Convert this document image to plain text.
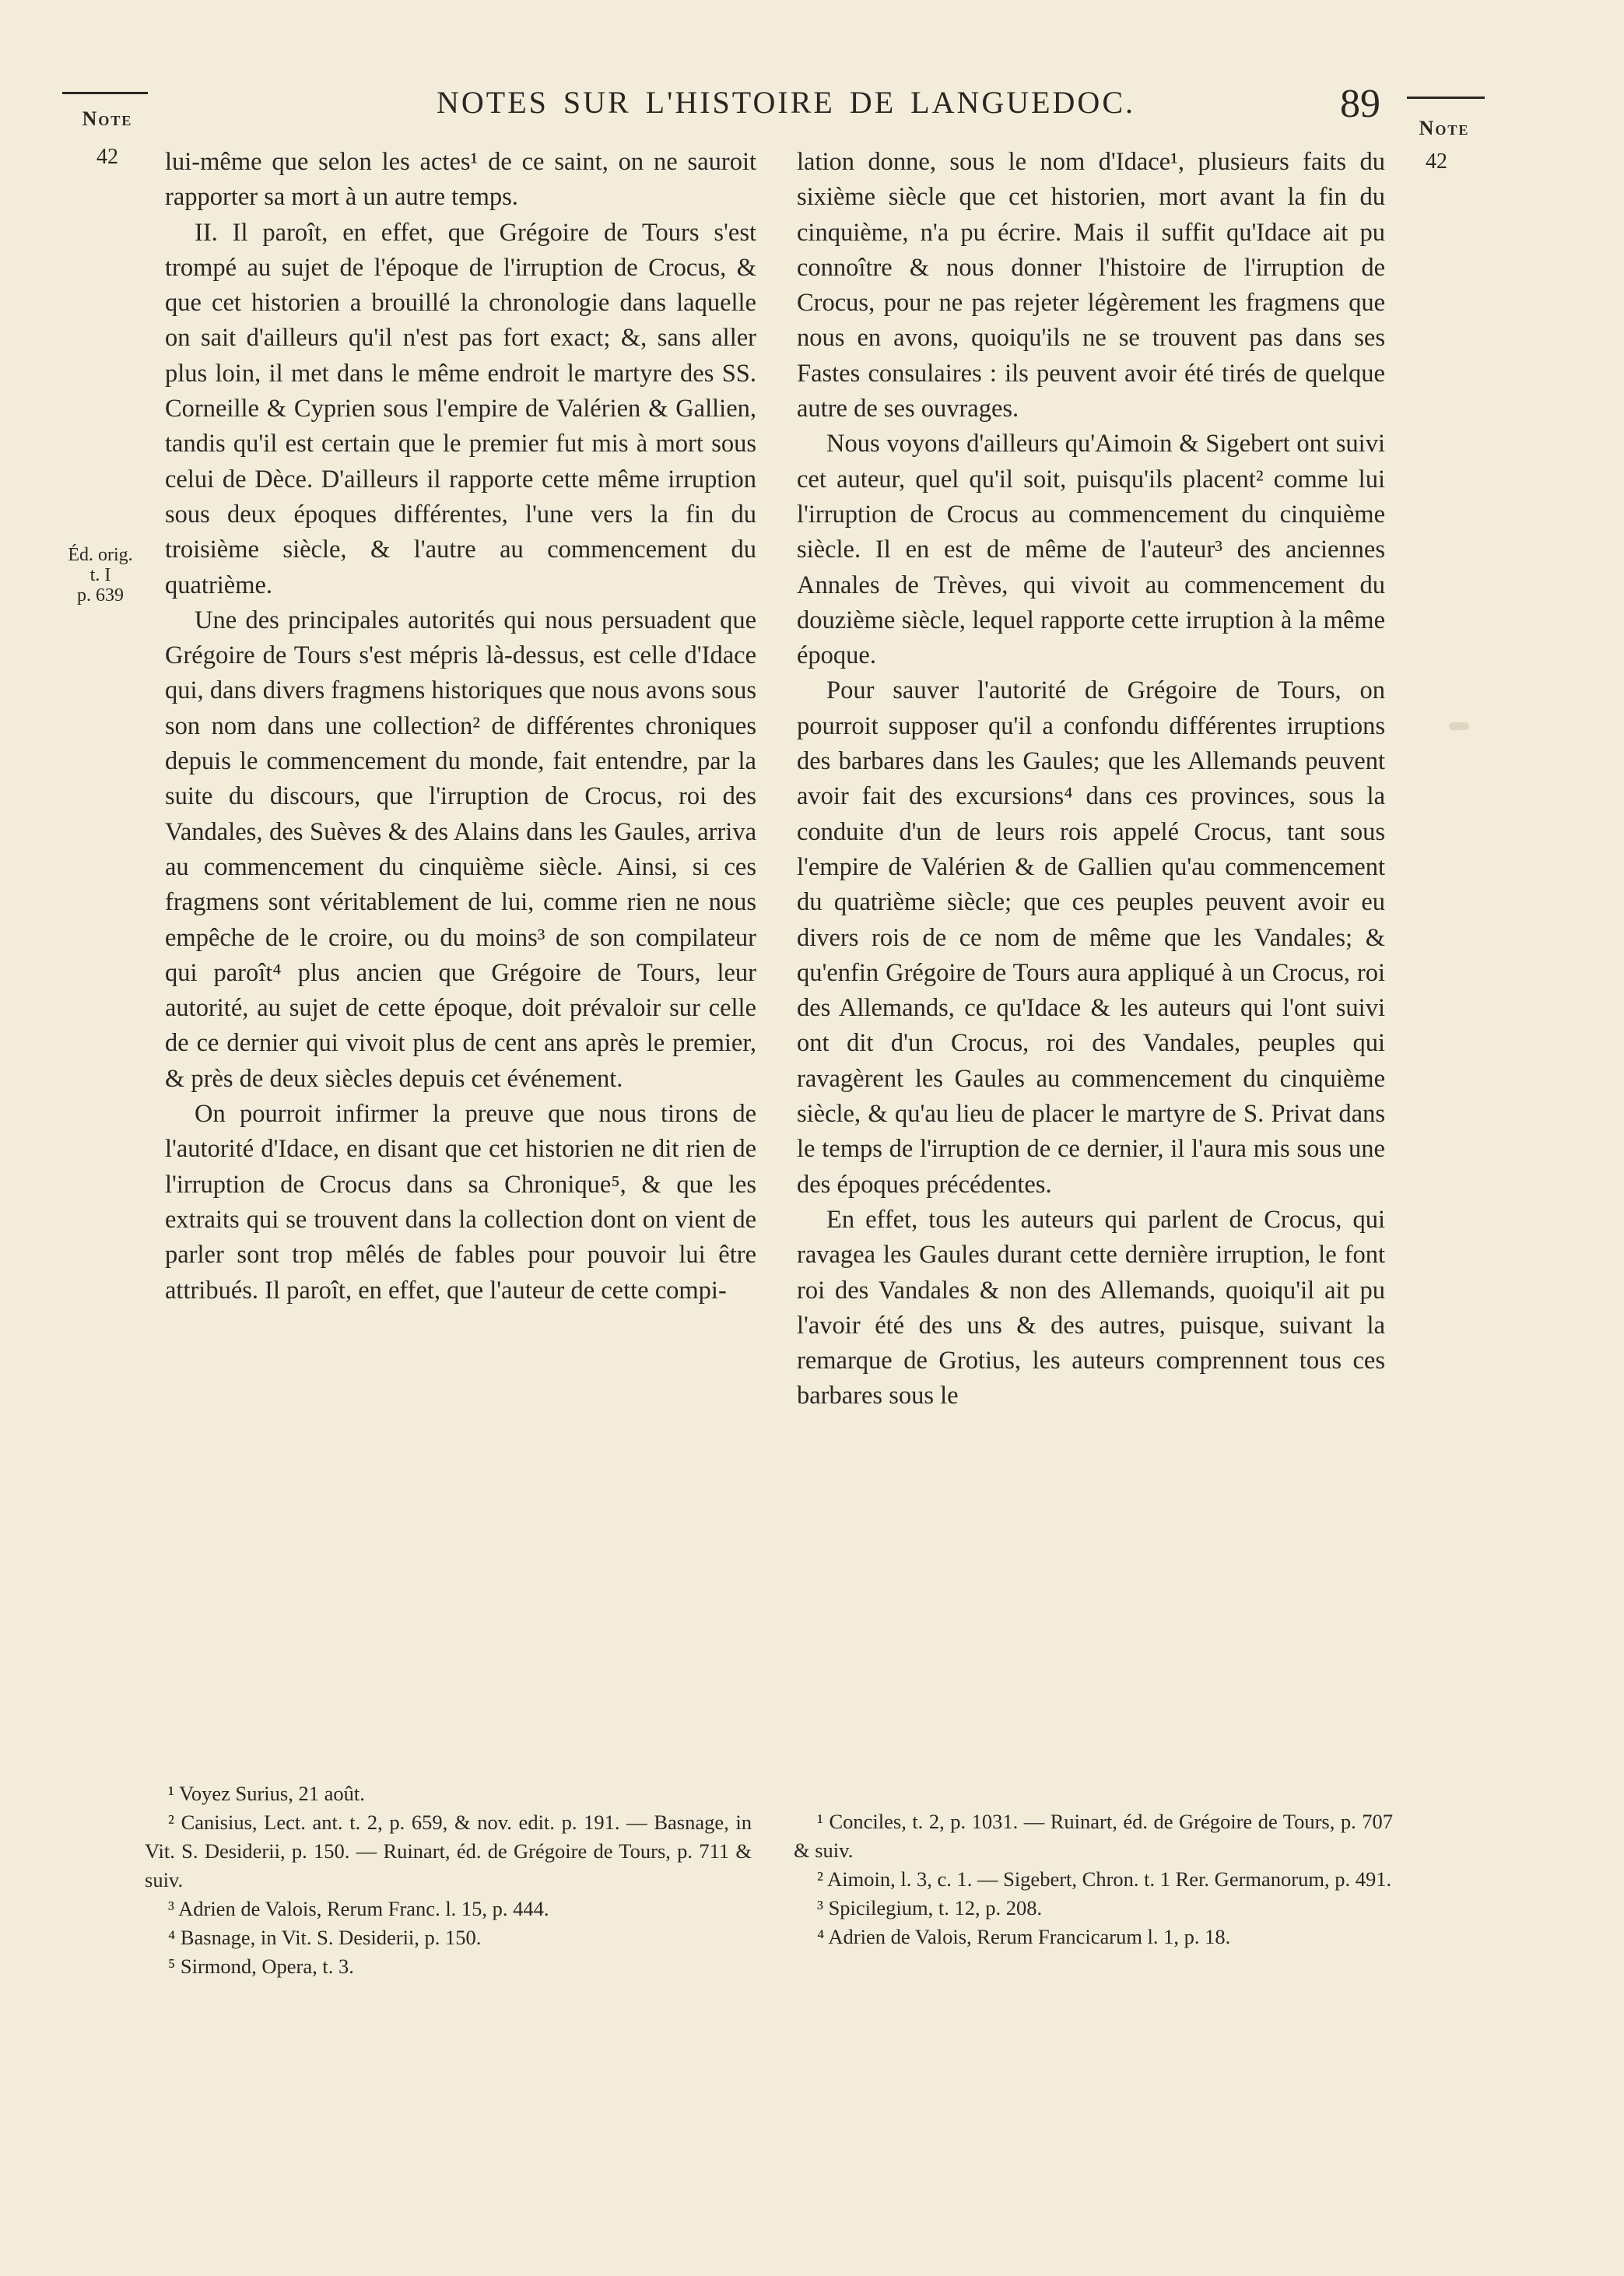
Note
42
NOTES SUR L'HISTOIRE DE LANGUEDOC.	89
Note
42
Éd. orig.
t. I
p. 639

lui-même que selon les actes¹ de ce saint, on ne sauroit rapporter sa mort à un autre temps.

II. Il paroît, en effet, que Grégoire de Tours s'est trompé au sujet de l'époque de l'irruption de Crocus, & que cet historien a brouillé la chronologie dans laquelle on sait d'ailleurs qu'il n'est pas fort exact; &, sans aller plus loin, il met dans le même endroit le martyre des SS. Corneille & Cyprien sous l'empire de Valérien & Gallien, tandis qu'il est certain que le premier fut mis à mort sous celui de Dèce. D'ailleurs il rapporte cette même irruption sous deux époques différentes, l'une vers la fin du troisième siècle, & l'autre au commencement du quatrième.

Une des principales autorités qui nous persuadent que Grégoire de Tours s'est mépris là-dessus, est celle d'Idace qui, dans divers fragmens historiques que nous avons sous son nom dans une collection² de différentes chroniques depuis le commencement du monde, fait entendre, par la suite du discours, que l'irruption de Crocus, roi des Vandales, des Suèves & des Alains dans les Gaules, arriva au commencement du cinquième siècle. Ainsi, si ces fragmens sont véritablement de lui, comme rien ne nous empêche de le croire, ou du moins³ de son compilateur qui paroît⁴ plus ancien que Grégoire de Tours, leur autorité, au sujet de cette époque, doit prévaloir sur celle de ce dernier qui vivoit plus de cent ans après le premier, & près de deux siècles depuis cet événement.

On pourroit infirmer la preuve que nous tirons de l'autorité d'Idace, en disant que cet historien ne dit rien de l'irruption de Crocus dans sa Chronique⁵, & que les extraits qui se trouvent dans la collection dont on vient de parler sont trop mêlés de fables pour pouvoir lui être attribués. Il paroît, en effet, que l'auteur de cette compi-

lation donne, sous le nom d'Idace¹, plusieurs faits du sixième siècle que cet historien, mort avant la fin du cinquième, n'a pu écrire. Mais il suffit qu'Idace ait pu connoître & nous donner l'histoire de l'irruption de Crocus, pour ne pas rejeter légèrement les fragmens que nous en avons, quoiqu'ils ne se trouvent pas dans ses Fastes consulaires : ils peuvent avoir été tirés de quelque autre de ses ouvrages.

Nous voyons d'ailleurs qu'Aimoin & Sigebert ont suivi cet auteur, quel qu'il soit, puisqu'ils placent² comme lui l'irruption de Crocus au commencement du cinquième siècle. Il en est de même de l'auteur³ des anciennes Annales de Trèves, qui vivoit au commencement du douzième siècle, lequel rapporte cette irruption à la même époque.

Pour sauver l'autorité de Grégoire de Tours, on pourroit supposer qu'il a confondu différentes irruptions des barbares dans les Gaules; que les Allemands peuvent avoir fait des excursions⁴ dans ces provinces, sous la conduite d'un de leurs rois appelé Crocus, tant sous l'empire de Valérien & de Gallien qu'au commencement du quatrième siècle; que ces peuples peuvent avoir eu divers rois de ce nom de même que les Vandales; & qu'enfin Grégoire de Tours aura appliqué à un Crocus, roi des Allemands, ce qu'Idace & les auteurs qui l'ont suivi ont dit d'un Crocus, roi des Vandales, peuples qui ravagèrent les Gaules au commencement du cinquième siècle, & qu'au lieu de placer le martyre de S. Privat dans le temps de l'irruption de ce dernier, il l'aura mis sous une des époques précédentes.

En effet, tous les auteurs qui parlent de Crocus, qui ravagea les Gaules durant cette dernière irruption, le font roi des Vandales & non des Allemands, quoiqu'il ait pu l'avoir été des uns & des autres, puisque, suivant la remarque de Grotius, les auteurs comprennent tous ces barbares sous le

¹ Voyez Surius, 21 août.

² Canisius, Lect. ant. t. 2, p. 659, & nov. edit. p. 191. — Basnage, in Vit. S. Desiderii, p. 150. — Ruinart, éd. de Grégoire de Tours, p. 711 & suiv.

³ Adrien de Valois, Rerum Franc. l. 15, p. 444.

⁴ Basnage, in Vit. S. Desiderii, p. 150.

⁵ Sirmond, Opera, t. 3.

¹ Conciles, t. 2, p. 1031. — Ruinart, éd. de Grégoire de Tours, p. 707 & suiv.

² Aimoin, l. 3, c. 1. — Sigebert, Chron. t. 1 Rer. Germanorum, p. 491.

³ Spicilegium, t. 12, p. 208.

⁴ Adrien de Valois, Rerum Francicarum l. 1, p. 18.
